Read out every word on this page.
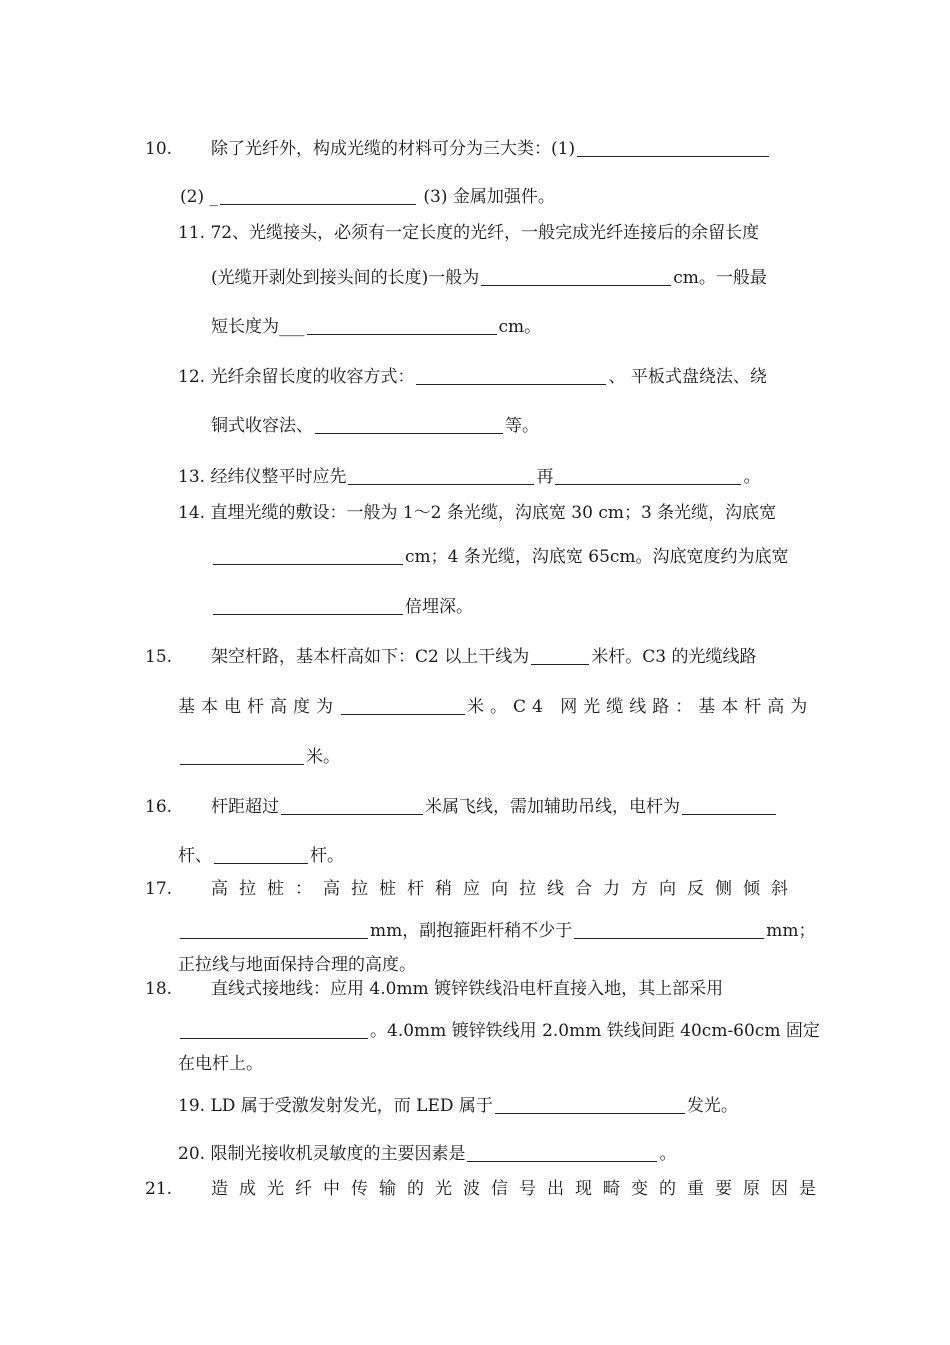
10. 除了光纤外，构成光缆的材料可分为三大类：(1)
(2) _	(3) 金属加强件。
11. 72、光缆接头，必须有一定长度的光纤，一般完成光纤连接后的余留长度
(光缆开剥处到接头间的长度)一般为	cm。一般最
短长度为___	cm。
12. 光纤余留长度的收容方式：	、 平板式盘绕法、绕
铜式收容法、	等。
13. 经纬仪整平时应先	再	。
14. 直埋光缆的敷设：一般为 1～2 条光缆，沟底宽 30 cm；3 条光缆，沟底宽
cm；4 条光缆，沟底宽 65cm。沟底宽度约为底宽
倍埋深。
15. 架空杆路，基本杆高如下：C2 以上干线为	米杆。C3 的光缆线路
基本电杆高度为	米。C4 网光缆线路：基本杆高为
米。
16. 杆距超过	米属飞线，需加辅助吊线，电杆为
杆、	杆。
17. 高拉桩：高拉桩杆稍应向拉线合力方向反侧倾斜
mm，副抱箍距杆稍不少于	mm；
正拉线与地面保持合理的高度。
18. 直线式接地线：应用 4.0mm 镀锌铁线沿电杆直接入地，其上部采用
。4.0mm 镀锌铁线用 2.0mm 铁线间距 40cm-60cm 固定
在电杆上。
19. LD 属于受激发射发光，而 LED 属于	发光。
20. 限制光接收机灵敏度的主要因素是	。
21. 造成光纤中传输的光波信号出现畸变的重要原因是
